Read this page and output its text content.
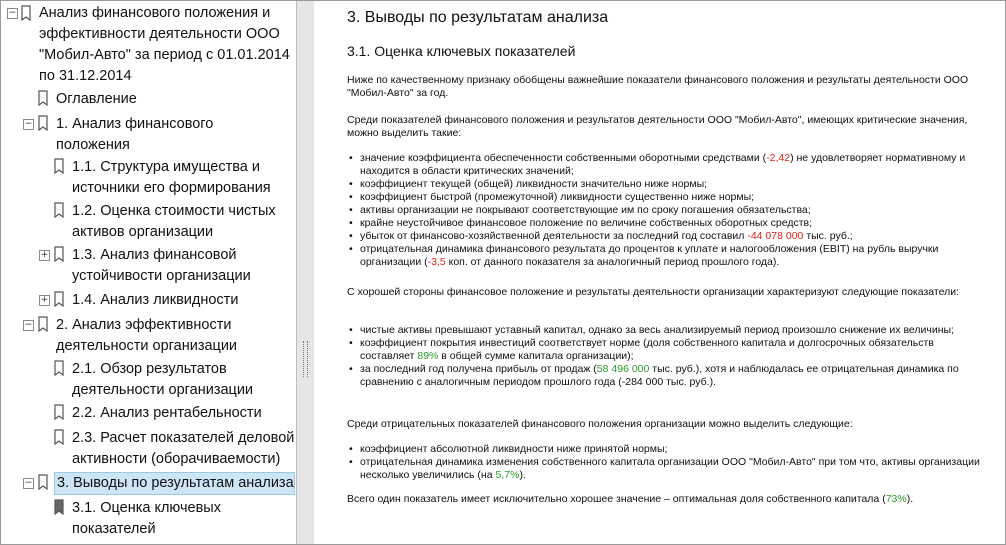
− Анализ финансового положения и
эффективности деятельности ООО
"Мобил-Авто" за период с 01.01.2014
по 31.12.2014
Оглавление
− 1. Анализ финансового
положения
1.1. Структура имущества и
источники его формирования
1.2. Оценка стоимости чистых
активов организации
+ 1.3. Анализ финансовой
устойчивости организации
+ 1.4. Анализ ликвидности
− 2. Анализ эффективности
деятельности организации
2.1. Обзор результатов
деятельности организации
2.2. Анализ рентабельности
2.3. Расчет показателей деловой
активности (оборачиваемости)
− 3. Выводы по результатам анализа
3.1. Оценка ключевых
показателей
3. Выводы по результатам анализа
3.1. Оценка ключевых показателей
Ниже по качественному признаку обобщены важнейшие показатели финансового положения и результаты деятельности ООО "Мобил-Авто" за год.
Среди показателей финансового положения и результатов деятельности ООО "Мобил-Авто", имеющих критические значения, можно выделить такие:
• значение коэффициента обеспеченности собственными оборотными средствами (-2,42) не удовлетворяет нормативному и находится в области критических значений;
• коэффициент текущей (общей) ликвидности значительно ниже нормы;
• коэффициент быстрой (промежуточной) ликвидности существенно ниже нормы;
• активы организации не покрывают соответствующие им по сроку погашения обязательства;
• крайне неустойчивое финансовое положение по величине собственных оборотных средств;
• убыток от финансово-хозяйственной деятельности за последний год составил -44 078 000 тыс. руб.;
• отрицательная динамика финансового результата до процентов к уплате и налогообложения (EBIT) на рубль выручки организации (-3,5 коп. от данного показателя за аналогичный период прошлого года).
С хорошей стороны финансовое положение и результаты деятельности организации характеризуют следующие показатели:
• чистые активы превышают уставный капитал, однако за весь анализируемый период произошло снижение их величины;
• коэффициент покрытия инвестиций соответствует норме (доля собственного капитала и долгосрочных обязательств составляет 89% в общей сумме капитала организации);
• за последний год получена прибыль от продаж (58 496 000 тыс. руб.), хотя и наблюдалась ее отрицательная динамика по сравнению с аналогичным периодом прошлого года (-284 000 тыс. руб.).
Среди отрицательных показателей финансового положения организации можно выделить следующие:
• коэффициент абсолютной ликвидности ниже принятой нормы;
• отрицательная динамика изменения собственного капитала организации ООО "Мобил-Авто" при том что, активы организации несколько увеличились (на 5,7%).
Всего один показатель имеет исключительно хорошее значение – оптимальная доля собственного капитала (73%).
